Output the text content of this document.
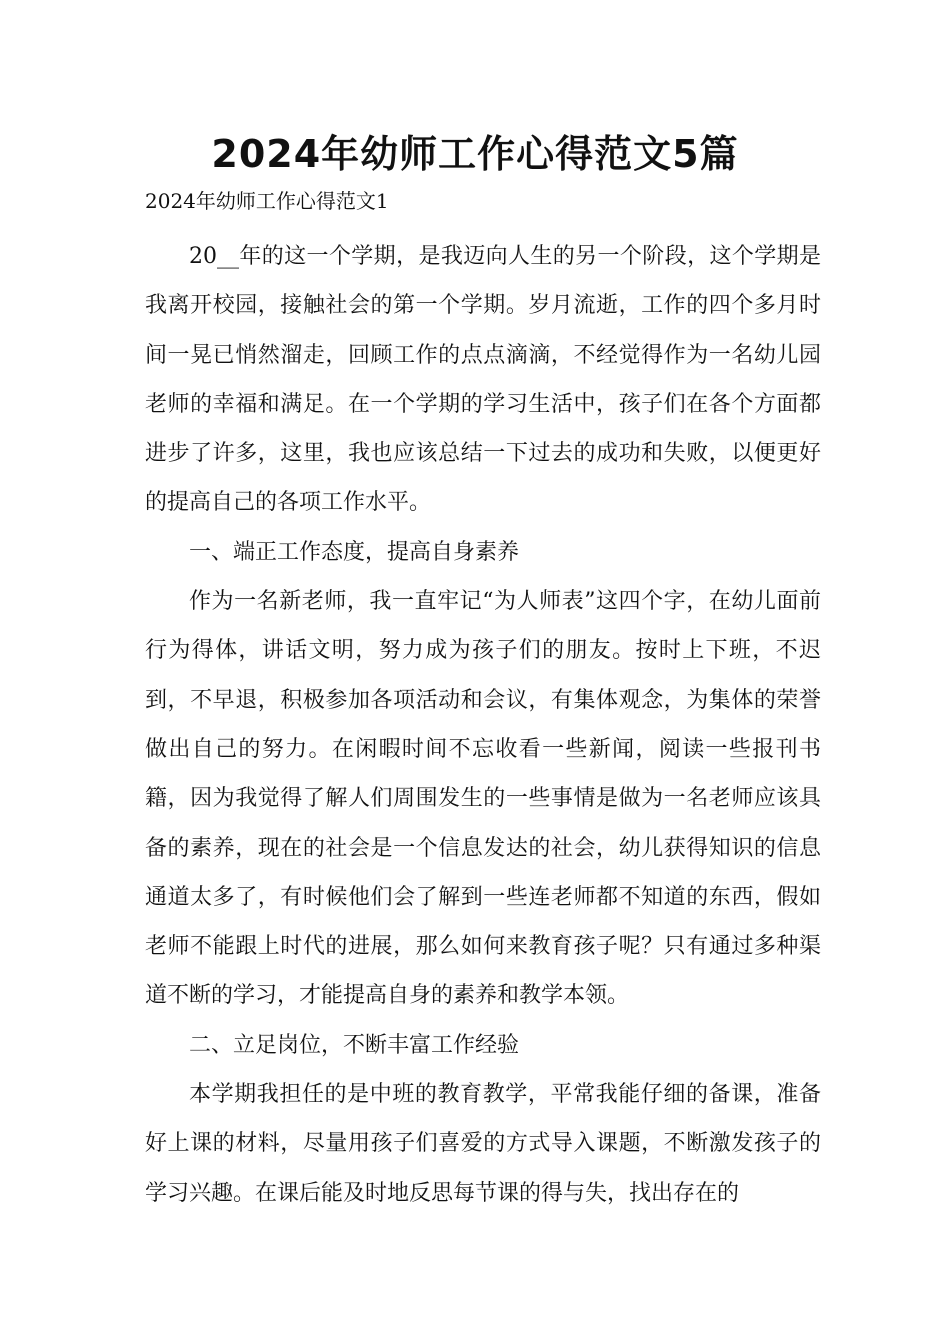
2024年幼师工作心得范文5篇

2024年幼师工作心得范文1

20__年的这一个学期，是我迈向人生的另一个阶段，这个学期是我离开校园，接触社会的第一个学期。岁月流逝，工作的四个多月时间一晃已悄然溜走，回顾工作的点点滴滴，不经觉得作为一名幼儿园老师的幸福和满足。在一个学期的学习生活中，孩子们在各个方面都进步了许多，这里，我也应该总结一下过去的成功和失败，以便更好的提高自己的各项工作水平。

一、端正工作态度，提高自身素养

作为一名新老师，我一直牢记“为人师表”这四个字，在幼儿面前行为得体，讲话文明，努力成为孩子们的朋友。按时上下班，不迟到，不早退，积极参加各项活动和会议，有集体观念，为集体的荣誉做出自己的努力。在闲暇时间不忘收看一些新闻，阅读一些报刊书籍，因为我觉得了解人们周围发生的一些事情是做为一名老师应该具备的素养，现在的社会是一个信息发达的社会，幼儿获得知识的信息通道太多了，有时候他们会了解到一些连老师都不知道的东西，假如老师不能跟上时代的进展，那么如何来教育孩子呢？只有通过多种渠道不断的学习，才能提高自身的素养和教学本领。

二、立足岗位，不断丰富工作经验

本学期我担任的是中班的教育教学，平常我能仔细的备课，准备好上课的材料，尽量用孩子们喜爱的方式导入课题，不断激发孩子的学习兴趣。在课后能及时地反思每节课的得与失，找出存在的
